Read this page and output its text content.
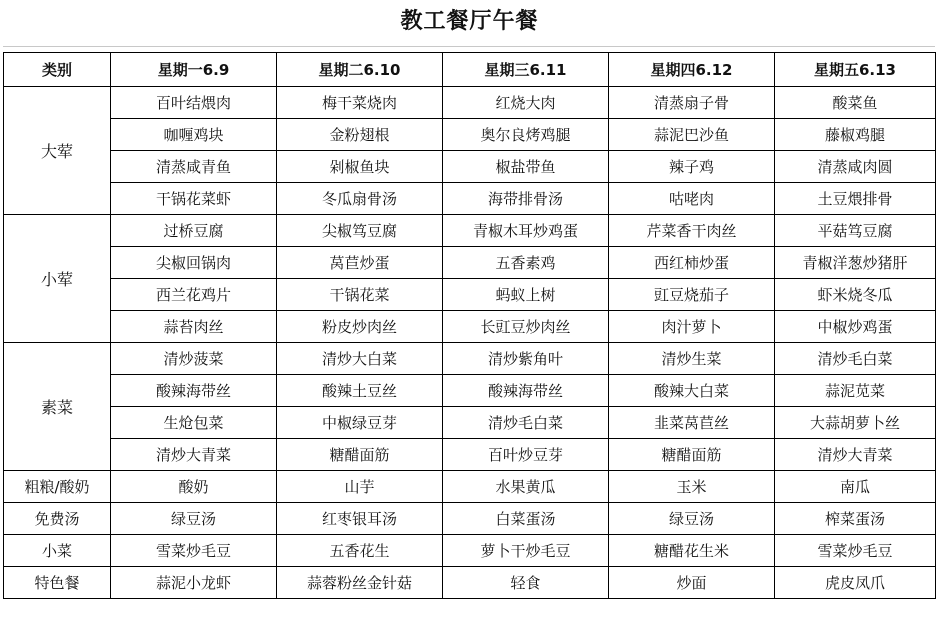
教工餐厅午餐
类别	星期一6.9	星期二6.10	星期三6.11	星期四6.12	星期五6.13
大荤	百叶结煨肉	梅干菜烧肉	红烧大肉	清蒸扇子骨	酸菜鱼
	咖喱鸡块	金粉翅根	奥尔良烤鸡腿	蒜泥巴沙鱼	藤椒鸡腿
	清蒸咸青鱼	剁椒鱼块	椒盐带鱼	辣子鸡	清蒸咸肉圆
	干锅花菜虾	冬瓜扇骨汤	海带排骨汤	咕咾肉	土豆煨排骨
小荤	过桥豆腐	尖椒笃豆腐	青椒木耳炒鸡蛋	芹菜香干肉丝	平菇笃豆腐
	尖椒回锅肉	莴苣炒蛋	五香素鸡	西红柿炒蛋	青椒洋葱炒猪肝
	西兰花鸡片	干锅花菜	蚂蚁上树	豇豆烧茄子	虾米烧冬瓜
	蒜苔肉丝	粉皮炒肉丝	长豇豆炒肉丝	肉汁萝卜	中椒炒鸡蛋
素菜	清炒菠菜	清炒大白菜	清炒紫角叶	清炒生菜	清炒毛白菜
	酸辣海带丝	酸辣土豆丝	酸辣海带丝	酸辣大白菜	蒜泥苋菜
	生炝包菜	中椒绿豆芽	清炒毛白菜	韭菜莴苣丝	大蒜胡萝卜丝
	清炒大青菜	糖醋面筋	百叶炒豆芽	糖醋面筋	清炒大青菜
粗粮/酸奶	酸奶	山芋	水果黄瓜	玉米	南瓜
免费汤	绿豆汤	红枣银耳汤	白菜蛋汤	绿豆汤	榨菜蛋汤
小菜	雪菜炒毛豆	五香花生	萝卜干炒毛豆	糖醋花生米	雪菜炒毛豆
特色餐	蒜泥小龙虾	蒜蓉粉丝金针菇	轻食	炒面	虎皮凤爪
